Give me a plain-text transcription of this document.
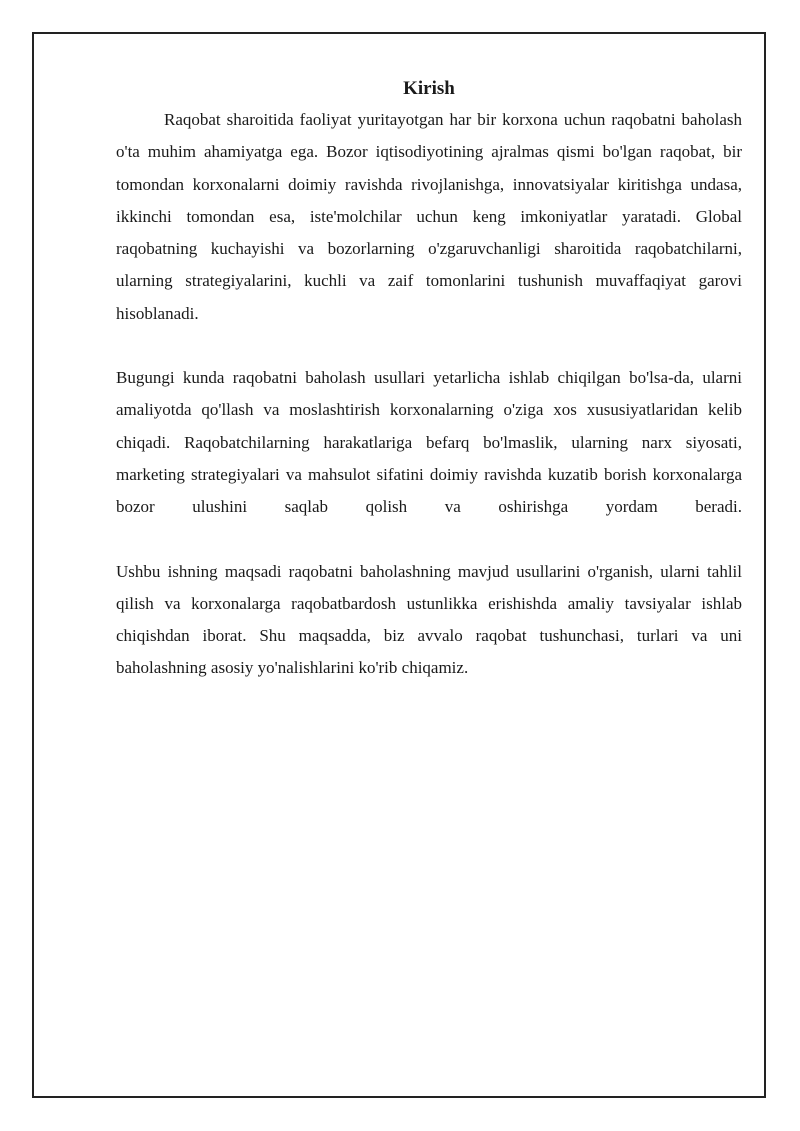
Kirish

Raqobat sharoitida faoliyat yuritayotgan har bir korxona uchun raqobatni baholash o'ta muhim ahamiyatga ega. Bozor iqtisodiyotining ajralmas qismi bo'lgan raqobat, bir tomondan korxonalarni doimiy ravishda rivojlanishga, innovatsiyalar kiritishga undasa, ikkinchi tomondan esa, iste'molchilar uchun keng imkoniyatlar yaratadi. Global raqobatning kuchayishi va bozorlarning o'zgaruvchanligi sharoitida raqobatchilarni, ularning strategiyalarini, kuchli va zaif tomonlarini tushunish muvaffaqiyat garovi hisoblanadi.

Bugungi kunda raqobatni baholash usullari yetarlicha ishlab chiqilgan bo'lsa-da, ularni amaliyotda qo'llash va moslashtirish korxonalarning o'ziga xos xususiyatlaridan kelib chiqadi. Raqobatchilarning harakatlariga befarq bo'lmaslik, ularning narx siyosati, marketing strategiyalari va mahsulot sifatini doimiy ravishda kuzatib borish korxonalarga bozor ulushini saqlab qolish va oshirishga yordam beradi.

Ushbu ishning maqsadi raqobatni baholashning mavjud usullarini o'rganish, ularni tahlil qilish va korxonalarga raqobatbardosh ustunlikka erishishda amaliy tavsiyalar ishlab chiqishdan iborat. Shu maqsadda, biz avvalo raqobat tushunchasi, turlari va uni baholashning asosiy yo'nalishlarini ko'rib chiqamiz.
